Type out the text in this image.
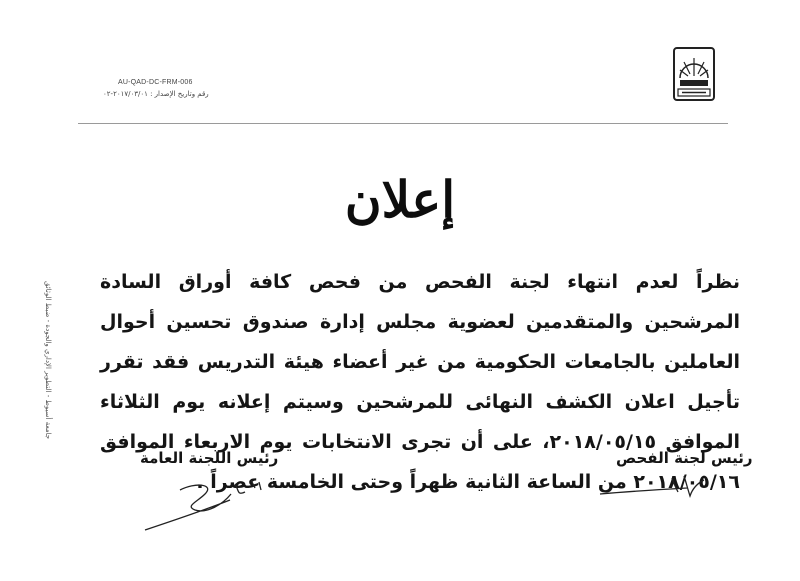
AU-QAD-DC-FRM-006
رقم وتاريخ الإصدار : ٢٠١٧/٠٣/٠١-٠٢
جامعة أسيوط - التطوير الإداري والجودة - ضبط الوثائق
إعلان
نظراً لعدم انتهاء لجنة الفحص من فحص كافة أوراق السادة المرشحين والمتقدمين لعضوية مجلس إدارة صندوق تحسين أحوال العاملين بالجامعات الحكومية من غير أعضاء هيئة التدريس فقد تقرر تأجيل اعلان الكشف النهائى للمرشحين وسيتم إعلانه يوم الثلاثاء الموافق ٢٠١٨/٠٥/١٥، على أن تجرى الانتخابات يوم الاربعاء الموافق ٢٠١٨/٠٥/١٦ من الساعة الثانية ظهراً وحتى الخامسة عصراً .
رئيس لجنة الفحص
رئيس اللجنة العامة
